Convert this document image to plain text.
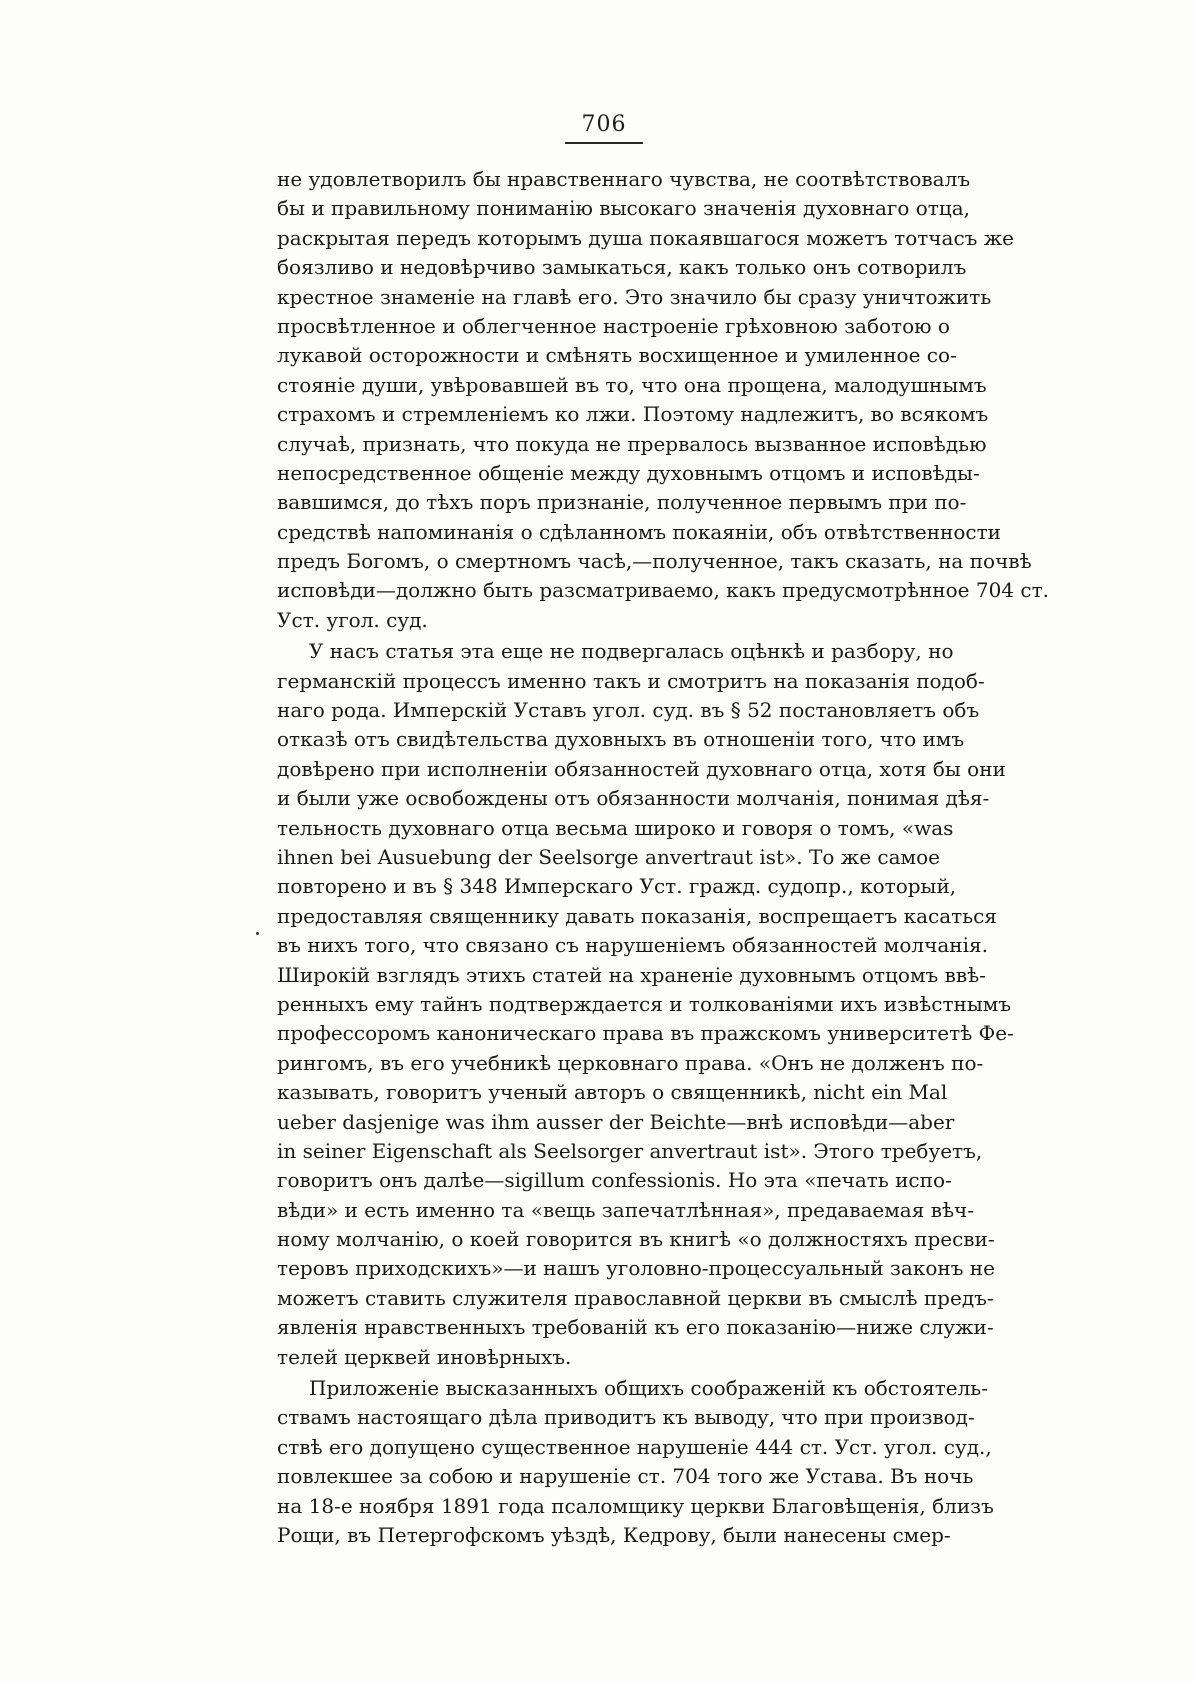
706
не удовлетворилъ бы нравственнаго чувства, не соотвѣтствовалъ
бы и правильному пониманію высокаго значенія духовнаго отца,
раскрытая передъ которымъ душа покаявшагося можетъ тотчасъ же
боязливо и недовѣрчиво замыкаться, какъ только онъ сотворилъ
крестное знаменіе на главѣ его. Это значило бы сразу уничтожить
просвѣтленное и облегченное настроеніе грѣховною заботою о
лукавой осторожности и смѣнять восхищенное и умиленное со-
стояніе души, увѣровавшей въ то, что она прощена, малодушнымъ
страхомъ и стремленіемъ ко лжи. Поэтому надлежитъ, во всякомъ
случаѣ, признать, что покуда не прервалось вызванное исповѣдью
непосредственное общеніе между духовнымъ отцомъ и исповѣды-
вавшимся, до тѣхъ поръ признаніе, полученное первымъ при по-
средствѣ напоминанія о сдѣланномъ покаяніи, объ отвѣтственности
предъ Богомъ, о смертномъ часѣ,—полученное, такъ сказать, на почвѣ
исповѣди—должно быть разсматриваемо, какъ предусмотрѣнное 704 ст.
Уст. угол. суд.
У насъ статья эта еще не подвергалась оцѣнкѣ и разбору, но
германскій процессъ именно такъ и смотритъ на показанія подоб-
наго рода. Имперскій Уставъ угол. суд. въ § 52 постановляетъ объ
отказѣ отъ свидѣтельства духовныхъ въ отношеніи того, что имъ
довѣрено при исполненіи обязанностей духовнаго отца, хотя бы они
и были уже освобождены отъ обязанности молчанія, понимая дѣя-
тельность духовнаго отца весьма широко и говоря о томъ, «was
ihnen bei Ausuebung der Seelsorge anvertraut ist». То же самое
повторено и въ § 348 Имперскаго Уст. гражд. судопр., который,
предоставляя священнику давать показанія, воспрещаетъ касаться
въ нихъ того, что связано съ нарушеніемъ обязанностей молчанія.
Широкій взглядъ этихъ статей на храненіе духовнымъ отцомъ ввѣ-
ренныхъ ему тайнъ подтверждается и толкованіями ихъ извѣстнымъ
профессоромъ каноническаго права въ пражскомъ университетѣ Фе-
рингомъ, въ его учебникѣ церковнаго права. «Онъ не долженъ по-
казывать, говоритъ ученый авторъ о священникѣ, nicht ein Mal
ueber dasjenige was ihm ausser der Beichte—внѣ исповѣди—aber
in seiner Eigenschaft als Seelsorger anvertraut ist». Этого требуетъ,
говоритъ онъ далѣе—sigillum confessionis. Но эта «печать испо-
вѣди» и есть именно та «вещь запечатлѣнная», предаваемая вѣч-
ному молчанію, о коей говорится въ книгѣ «о должностяхъ пресви-
теровъ приходскихъ»—и нашъ уголовно-процессуальный законъ не
можетъ ставить служителя православной церкви въ смыслѣ предъ-
явленія нравственныхъ требованій къ его показанію—ниже служи-
телей церквей иновѣрныхъ.
Приложеніе высказанныхъ общихъ соображеній къ обстоятель-
ствамъ настоящаго дѣла приводитъ къ выводу, что при производ-
ствѣ его допущено существенное нарушеніе 444 ст. Уст. угол. суд.,
повлекшее за собою и нарушеніе ст. 704 того же Устава. Въ ночь
на 18-е ноября 1891 года псаломщику церкви Благовѣщенія, близъ
Рощи, въ Петергофскомъ уѣздѣ, Кедрову, были нанесены смер-
